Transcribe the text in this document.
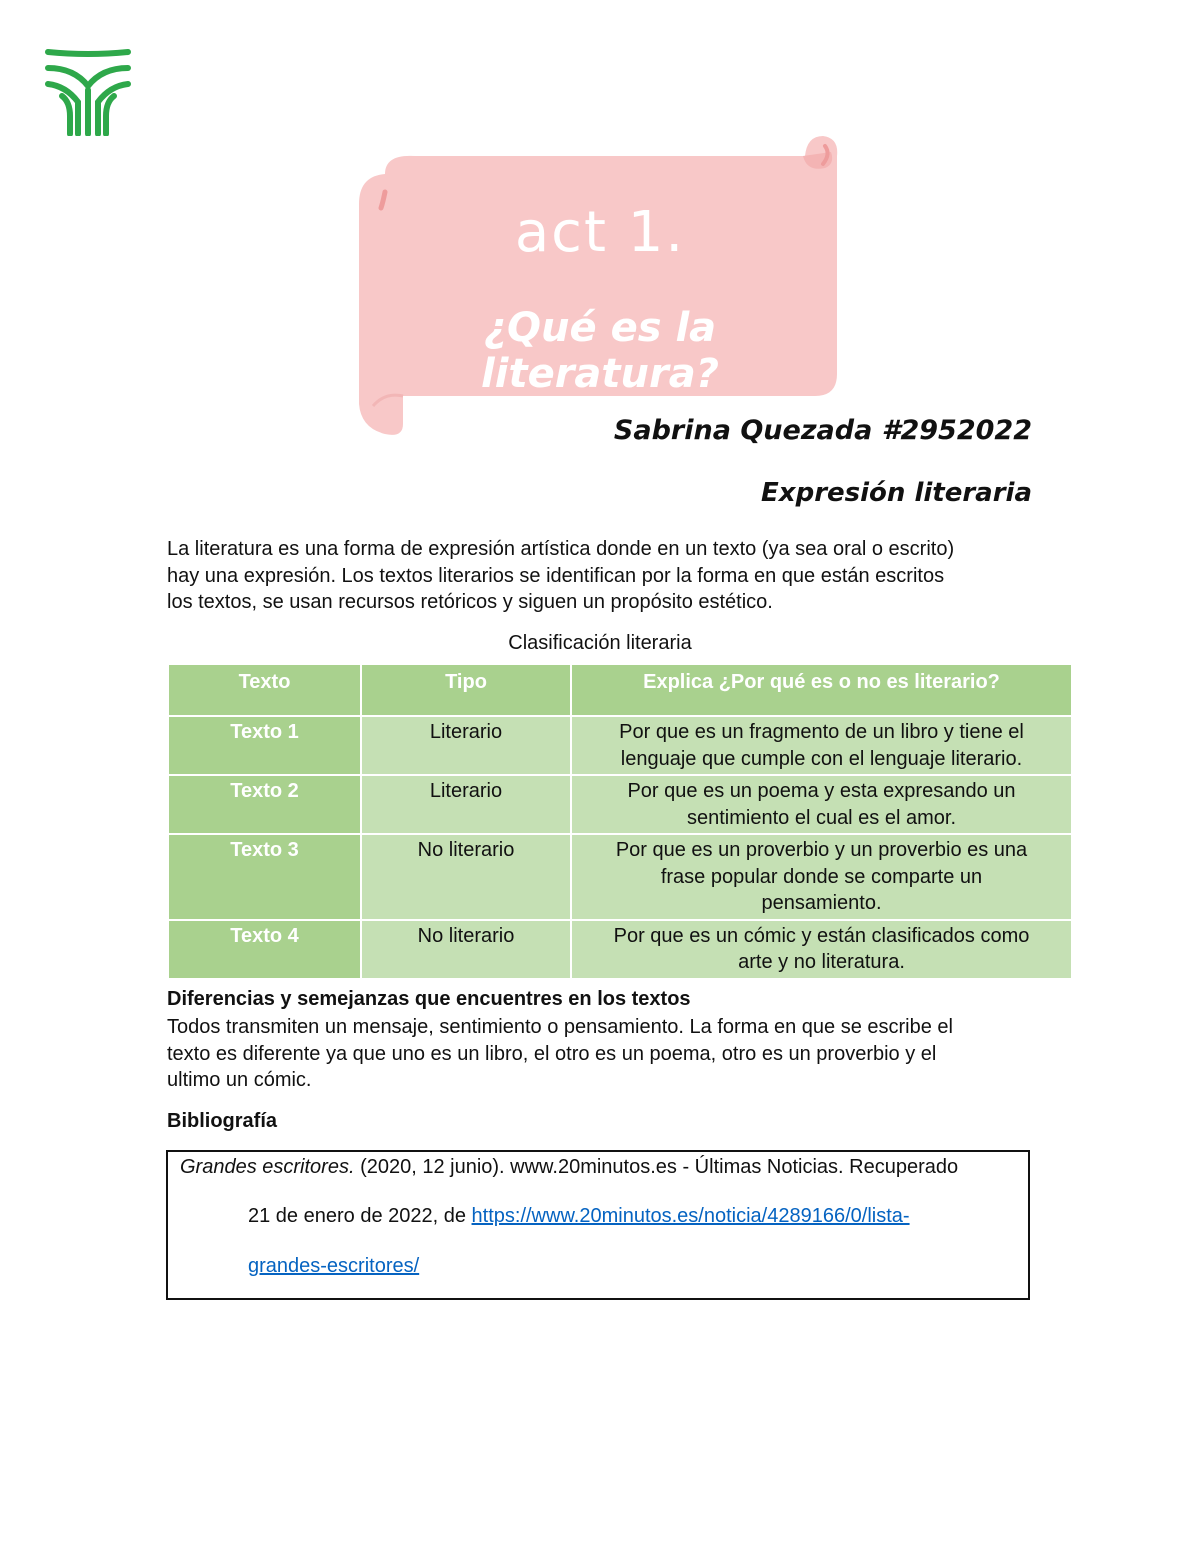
act 1.
¿Qué es la literatura?

Sabrina Quezada #2952022

Expresión literaria

La literatura es una forma de expresión artística donde en un texto (ya sea oral o escrito)
hay una expresión. Los textos literarios se identifican por la forma en que están escritos
los textos, se usan recursos retóricos y siguen un propósito estético.

Clasificación literaria

Texto	Tipo	Explica ¿Por qué es o no es literario?
Texto 1	Literario	Por que es un fragmento de un libro y tiene el
lenguaje que cumple con el lenguaje literario.
Texto 2	Literario	Por que es un poema y esta expresando un
sentimiento el cual es el amor.
Texto 3	No literario	Por que es un proverbio y un proverbio es una
frase popular donde se comparte un
pensamiento.
Texto 4	No literario	Por que es un cómic y están clasificados como
arte y no literatura.

Diferencias y semejanzas que encuentres en los textos

Todos transmiten un mensaje, sentimiento o pensamiento. La forma en que se escribe el
texto es diferente ya que uno es un libro, el otro es un poema, otro es un proverbio y el
ultimo un cómic.

Bibliografía

Grandes escritores. (2020, 12 junio). www.20minutos.es - Últimas Noticias. Recuperado

21 de enero de 2022, de https://www.20minutos.es/noticia/4289166/0/lista-

grandes-escritores/
